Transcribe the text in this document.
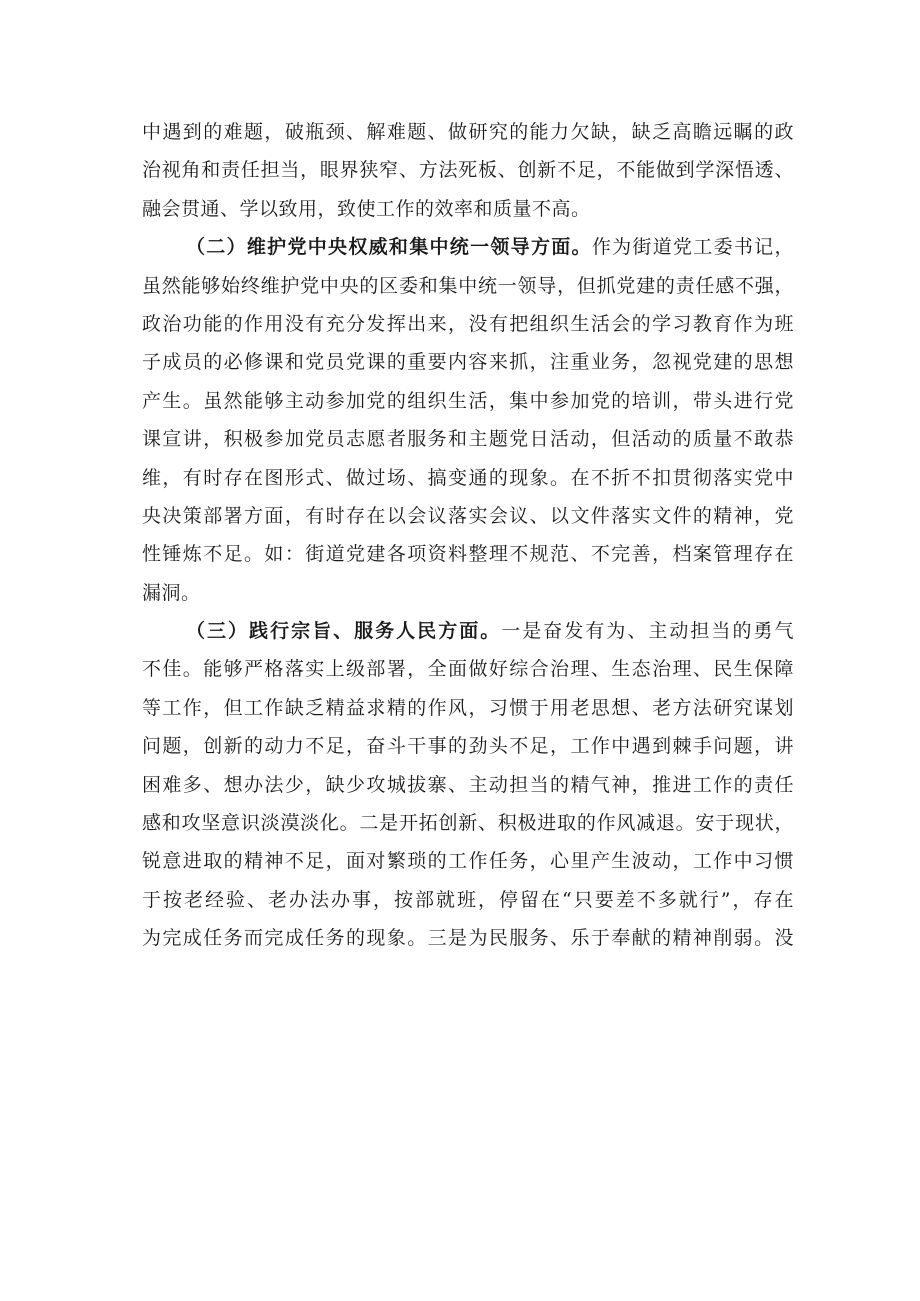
中遇到的难题，破瓶颈、解难题、做研究的能力欠缺，缺乏高瞻远瞩的政
治视角和责任担当，眼界狭窄、方法死板、创新不足，不能做到学深悟透、
融会贯通、学以致用，致使工作的效率和质量不高。
（二）维护党中央权威和集中统一领导方面。作为街道党工委书记，
虽然能够始终维护党中央的区委和集中统一领导，但抓党建的责任感不强，
政治功能的作用没有充分发挥出来，没有把组织生活会的学习教育作为班
子成员的必修课和党员党课的重要内容来抓，注重业务，忽视党建的思想
产生。虽然能够主动参加党的组织生活，集中参加党的培训，带头进行党
课宣讲，积极参加党员志愿者服务和主题党日活动，但活动的质量不敢恭
维，有时存在图形式、做过场、搞变通的现象。在不折不扣贯彻落实党中
央决策部署方面，有时存在以会议落实会议、以文件落实文件的精神，党
性锤炼不足。如：街道党建各项资料整理不规范、不完善，档案管理存在
漏洞。
（三）践行宗旨、服务人民方面。一是奋发有为、主动担当的勇气
不佳。能够严格落实上级部署，全面做好综合治理、生态治理、民生保障
等工作，但工作缺乏精益求精的作风，习惯于用老思想、老方法研究谋划
问题，创新的动力不足，奋斗干事的劲头不足，工作中遇到棘手问题，讲
困难多、想办法少，缺少攻城拔寨、主动担当的精气神，推进工作的责任
感和攻坚意识淡漠淡化。二是开拓创新、积极进取的作风减退。安于现状，
锐意进取的精神不足，面对繁琐的工作任务，心里产生波动，工作中习惯
于按老经验、老办法办事，按部就班，停留在“只要差不多就行”，存在
为完成任务而完成任务的现象。三是为民服务、乐于奉献的精神削弱。没
